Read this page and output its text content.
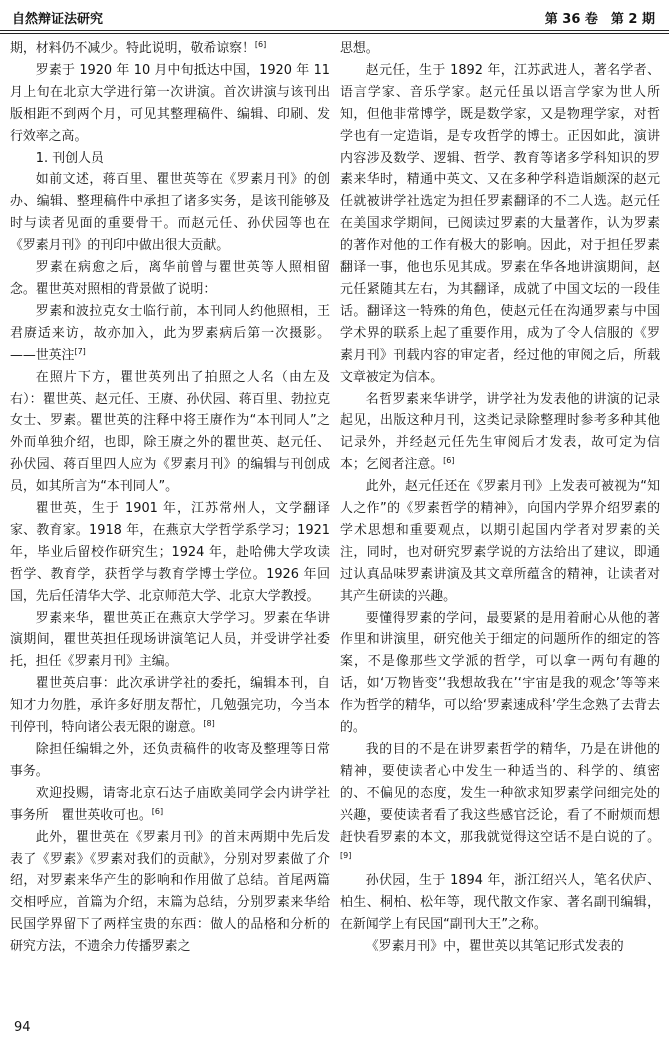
自然辩证法研究	第 36 卷　第 2 期

期，材料仍不减少。特此说明，敬希谅察！[6]

罗素于 1920 年 10 月中旬抵达中国，1920 年 11 月上旬在北京大学进行第一次讲演。首次讲演与该刊出版相距不到两个月，可见其整理稿件、编辑、印刷、发行效率之高。

1. 刊创人员

如前文述，蒋百里、瞿世英等在《罗素月刊》的创办、编辑、整理稿件中承担了诸多实务，是该刊能够及时与读者见面的重要骨干。而赵元任、孙伏园等也在《罗素月刊》的刊印中做出很大贡献。

罗素在病愈之后，离华前曾与瞿世英等人照相留念。瞿世英对照相的背景做了说明：

罗素和波拉克女士临行前，本刊同人约他照相，王君赓适来访，故亦加入，此为罗素病后第一次摄影。——世英注[7]

在照片下方，瞿世英列出了拍照之人名（由左及右）：瞿世英、赵元任、王赓、孙伏园、蒋百里、勃拉克女士、罗素。瞿世英的注释中将王赓作为“本刊同人”之外而单独介绍，也即，除王赓之外的瞿世英、赵元任、孙伏园、蒋百里四人应为《罗素月刊》的编辑与刊创成员，如其所言为“本刊同人”。

瞿世英，生于 1901 年，江苏常州人，文学翻译家、教育家。1918 年，在燕京大学哲学系学习；1921 年，毕业后留校作研究生；1924 年，赴哈佛大学攻读哲学、教育学，获哲学与教育学博士学位。1926 年回国，先后任清华大学、北京师范大学、北京大学教授。

罗素来华，瞿世英正在燕京大学学习。罗素在华讲演期间，瞿世英担任现场讲演笔记人员，并受讲学社委托，担任《罗素月刊》主编。

瞿世英启事：此次承讲学社的委托，编辑本刊，自知才力勿胜，承许多好朋友帮忙，几勉强完功，今当本刊停刊，特向诸公表无限的谢意。[8]

除担任编辑之外，还负责稿件的收寄及整理等日常事务。

欢迎投赐，请寄北京石达子庙欧美同学会内讲学社事务所　瞿世英收可也。[6]

此外，瞿世英在《罗素月刊》的首末两期中先后发表了《罗素》《罗素对我们的贡献》，分别对罗素做了介绍，对罗素来华产生的影响和作用做了总结。首尾两篇交相呼应，首篇为介绍，末篇为总结，分别罗素来华给民国学界留下了两样宝贵的东西：做人的品格和分析的研究方法，不遗余力传播罗素之

思想。

赵元任，生于 1892 年，江苏武进人，著名学者、语言学家、音乐学家。赵元任虽以语言学家为世人所知，但他非常博学，既是数学家，又是物理学家，对哲学也有一定造诣，是专攻哲学的博士。正因如此，演讲内容涉及数学、逻辑、哲学、教育等诸多学科知识的罗素来华时，精通中英文、又在多种学科造诣颇深的赵元任就被讲学社选定为担任罗素翻译的不二人选。赵元任在美国求学期间，已阅读过罗素的大量著作，认为罗素的著作对他的工作有极大的影响。因此，对于担任罗素翻译一事，他也乐见其成。罗素在华各地讲演期间，赵元任紧随其左右，为其翻译，成就了中国文坛的一段佳话。翻译这一特殊的角色，使赵元任在沟通罗素与中国学术界的联系上起了重要作用，成为了令人信服的《罗素月刊》刊载内容的审定者，经过他的审阅之后，所载文章被定为信本。

名哲罗素来华讲学，讲学社为发表他的讲演的记录起见，出版这种月刊，这类记录除整理时参考多种其他记录外，并经赵元任先生审阅后才发表，故可定为信本；乞阅者注意。[6]

此外，赵元任还在《罗素月刊》上发表可被视为“知人之作”的《罗素哲学的精神》，向国内学界介绍罗素的学术思想和重要观点，以期引起国内学者对罗素的关注，同时，也对研究罗素学说的方法给出了建议，即通过认真品味罗素讲演及其文章所蕴含的精神，让读者对其产生研读的兴趣。

要懂得罗素的学问，最要紧的是用着耐心从他的著作里和讲演里，研究他关于细定的问题所作的细定的答案，不是像那些文学派的哲学，可以拿一两句有趣的话，如‘万物皆变’‘我想故我在’‘宇宙是我的观念’等等来作为哲学的精华，可以给‘罗素速成科’学生念熟了去背去的。

我的目的不是在讲罗素哲学的精华，乃是在讲他的精神，要使读者心中发生一种适当的、科学的、缜密的、不偏见的态度，发生一种欲求知罗素学问细完处的兴趣，要使读者看了我这些感官泛论，看了不耐烦而想赶快看罗素的本文，那我就觉得这空话不是白说的了。[9]

孙伏园，生于 1894 年，浙江绍兴人，笔名伏庐、柏生、桐柏、松年等，现代散文作家、著名副刊编辑，在新闻学上有民国“副刊大王”之称。

《罗素月刊》中，瞿世英以其笔记形式发表的

94
